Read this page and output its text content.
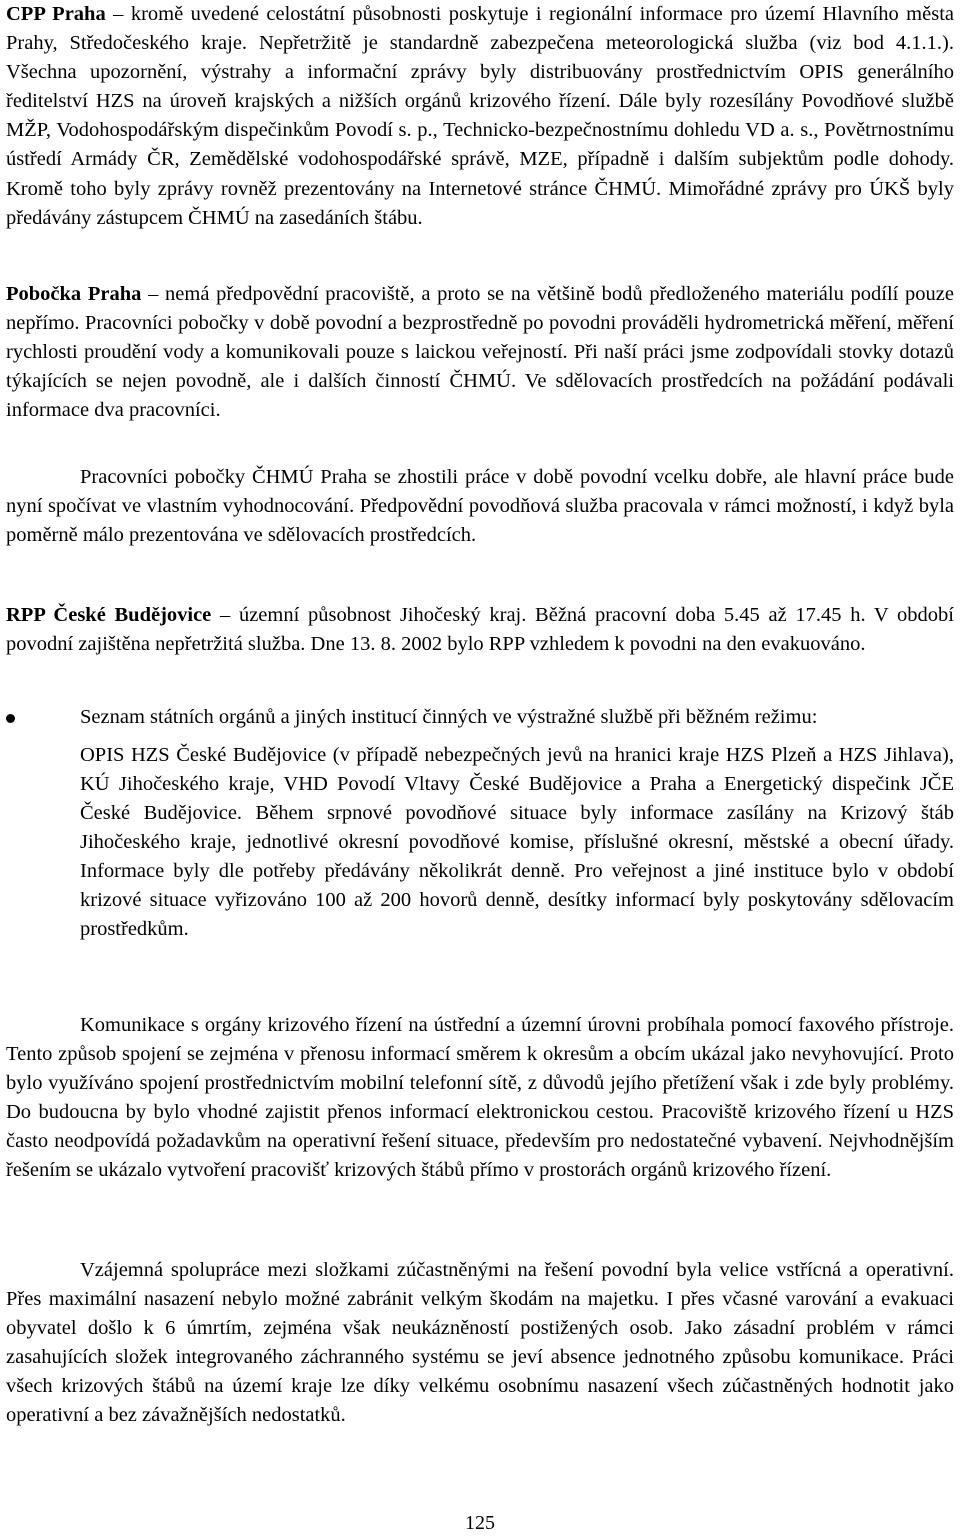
CPP Praha – kromě uvedené celostátní působnosti poskytuje i regionální informace pro území Hlavního města Prahy, Středočeského kraje. Nepřetržitě je standardně zabezpečena meteorologická služba (viz bod 4.1.1.). Všechna upozornění, výstrahy a informační zprávy byly distribuovány prostřednictvím OPIS generálního ředitelství HZS na úroveň krajských a nižších orgánů krizového řízení. Dále byly rozesílány Povodňové službě MŽP, Vodohospodářským dispečinkům Povodí s. p., Technicko-bezpečnostnímu dohledu VD a. s., Povětrnostnímu ústředí Armády ČR, Zemědělské vodohospodářské správě, MZE, případně i dalším subjektům podle dohody. Kromě toho byly zprávy rovněž prezentovány na Internetové stránce ČHMÚ. Mimořádné zprávy pro ÚKŠ byly předávány zástupcem ČHMÚ na zasedáních štábu.

Pobočka Praha – nemá předpovědní pracoviště, a proto se na většině bodů předloženého materiálu podílí pouze nepřímo. Pracovníci pobočky v době povodní a bezprostředně po povodni prováděli hydrometrická měření, měření rychlosti proudění vody a komunikovali pouze s laickou veřejností. Při naší práci jsme zodpovídali stovky dotazů týkajících se nejen povodně, ale i dalších činností ČHMÚ. Ve sdělovacích prostředcích na požádání podávali informace dva pracovníci.

Pracovníci pobočky ČHMÚ Praha se zhostili práce v době povodní vcelku dobře, ale hlavní práce bude nyní spočívat ve vlastním vyhodnocování. Předpovědní povodňová služba pracovala v rámci možností, i když byla poměrně málo prezentována ve sdělovacích prostředcích.

RPP České Budějovice – územní působnost Jihočeský kraj. Běžná pracovní doba 5.45 až 17.45 h. V období povodní zajištěna nepřetržitá služba. Dne 13. 8. 2002 bylo RPP vzhledem k povodni na den evakuováno.

Seznam státních orgánů a jiných institucí činných ve výstražné službě při běžném režimu:

OPIS HZS České Budějovice (v případě nebezpečných jevů na hranici kraje HZS Plzeň a HZS Jihlava), KÚ Jihočeského kraje, VHD Povodí Vltavy České Budějovice a Praha a Energetický dispečink JČE České Budějovice. Během srpnové povodňové situace byly informace zasílány na Krizový štáb Jihočeského kraje, jednotlivé okresní povodňové komise, příslušné okresní, městské a obecní úřady. Informace byly dle potřeby předávány několikrát denně. Pro veřejnost a jiné instituce bylo v období krizové situace vyřizováno 100 až 200 hovorů denně, desítky informací byly poskytovány sdělovacím prostředkům.

Komunikace s orgány krizového řízení na ústřední a územní úrovni probíhala pomocí faxového přístroje. Tento způsob spojení se zejména v přenosu informací směrem k okresům a obcím ukázal jako nevyhovující. Proto bylo využíváno spojení prostřednictvím mobilní telefonní sítě, z důvodů jejího přetížení však i zde byly problémy. Do budoucna by bylo vhodné zajistit přenos informací elektronickou cestou. Pracoviště krizového řízení u HZS často neodpovídá požadavkům na operativní řešení situace, především pro nedostatečné vybavení. Nejvhodnějším řešením se ukázalo vytvoření pracovišť krizových štábů přímo v prostorách orgánů krizového řízení.

Vzájemná spolupráce mezi složkami zúčastněnými na řešení povodní byla velice vstřícná a operativní. Přes maximální nasazení nebylo možné zabránit velkým škodám na majetku. I přes včasné varování a evakuaci obyvatel došlo k 6 úmrtím, zejména však neukázněností postižených osob. Jako zásadní problém v rámci zasahujících složek integrovaného záchranného systému se jeví absence jednotného způsobu komunikace. Práci všech krizových štábů na území kraje lze díky velkému osobnímu nasazení všech zúčastněných hodnotit jako operativní a bez závažnějších nedostatků.

125
